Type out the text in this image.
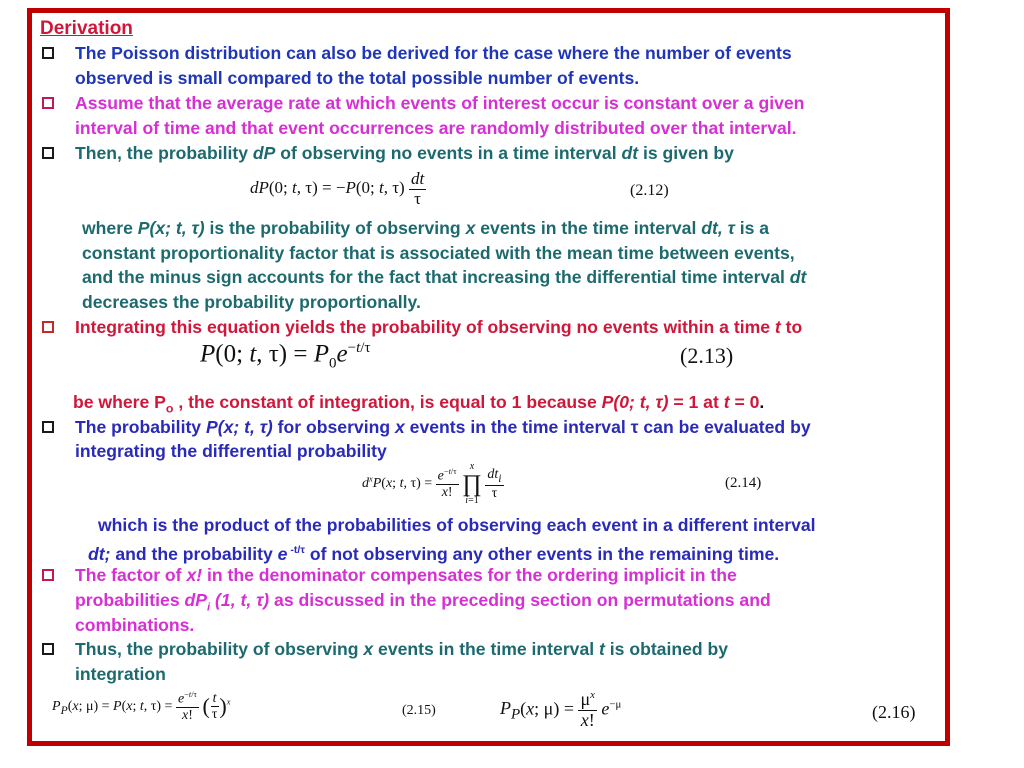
Derivation
The Poisson distribution can also be derived for the case where the number of events
observed is small compared to the total possible number of events.
Assume that the average rate at which events of interest occur is constant over a given
interval of time and that event occurrences are randomly distributed over that interval.
Then, the probability dP of observing no events in a time interval dt is given by
dP(0; t, τ) = −P(0; t, $\tau) \frac{dt}{\tau}$	(2.12)
where P(x; t, τ) is the probability of observing x events in the time interval dt, τ is a
constant proportionality factor that is associated with the mean time between events,
and the minus sign accounts for the fact that increasing the differential time interval dt
decreases the probability proportionally.
Integrating this equation yields the probability of observing no events within a time t to
P(0; t, $\tau) = P_0e^{-t/\tau}$	(2.13)
be where $P_o$ , the constant of integration, is equal to 1 because P(0; t, τ) = 1 at t = 0.
The probability P(x; t, τ) for observing x events in the time interval τ can be evaluated by
integrating the differential probability
$d^xP(x$; t, $\tau) = \frac{e^{-t/\tau}}{x!}$

x
∏
i=1
$\frac{dt_i}{\tau}$	(2.14)
which is the product of the probabilities of observing each event in a different interval
dt; and the probability e $^{-t/\tau}$ of not observing any other events in the remaining time.
The factor of x! in the denominator compensates for the ordering implicit in the
probabilities $dP_i$ (1, t, τ) as discussed in the preceding section on permutations and
combinations.
Thus, the probability of observing x events in the time interval t is obtained by
integration
$P_P(x$; μ) = P(x; t, $\tau) = \frac{e^{-t/\tau}}{x!}$ ( $\frac{t}{\tau} )^x$
(2.15)	$P_P(x$; $\mu) = \frac{\mu^x}{x!} e^{-\mu}$	(2.16)
